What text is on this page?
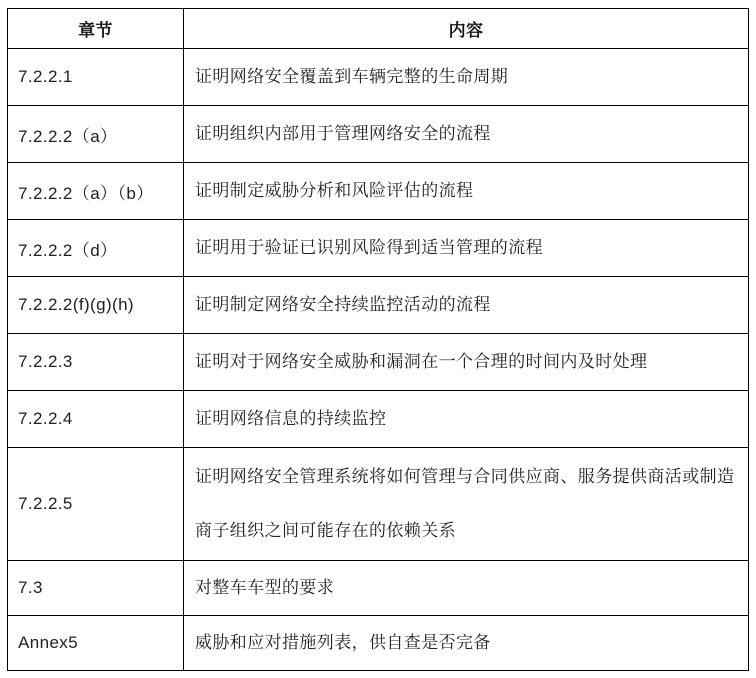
章节	内容
7.2.2.1	证明网络安全覆盖到车辆完整的生命周期
7.2.2.2（a）	证明组织内部用于管理网络安全的流程
7.2.2.2（a）（b）	证明制定威胁分析和风险评估的流程
7.2.2.2（d）	证明用于验证已识别风险得到适当管理的流程
7.2.2.2(f)(g)(h)	证明制定网络安全持续监控活动的流程
7.2.2.3	证明对于网络安全威胁和漏洞在一个合理的时间内及时处理
7.2.2.4	证明网络信息的持续监控
7.2.2.5	证明网络安全管理系统将如何管理与合同供应商、服务提供商活或制造商子组织之间可能存在的依赖关系
7.3	对整车车型的要求
Annex5	威胁和应对措施列表，供自查是否完备
